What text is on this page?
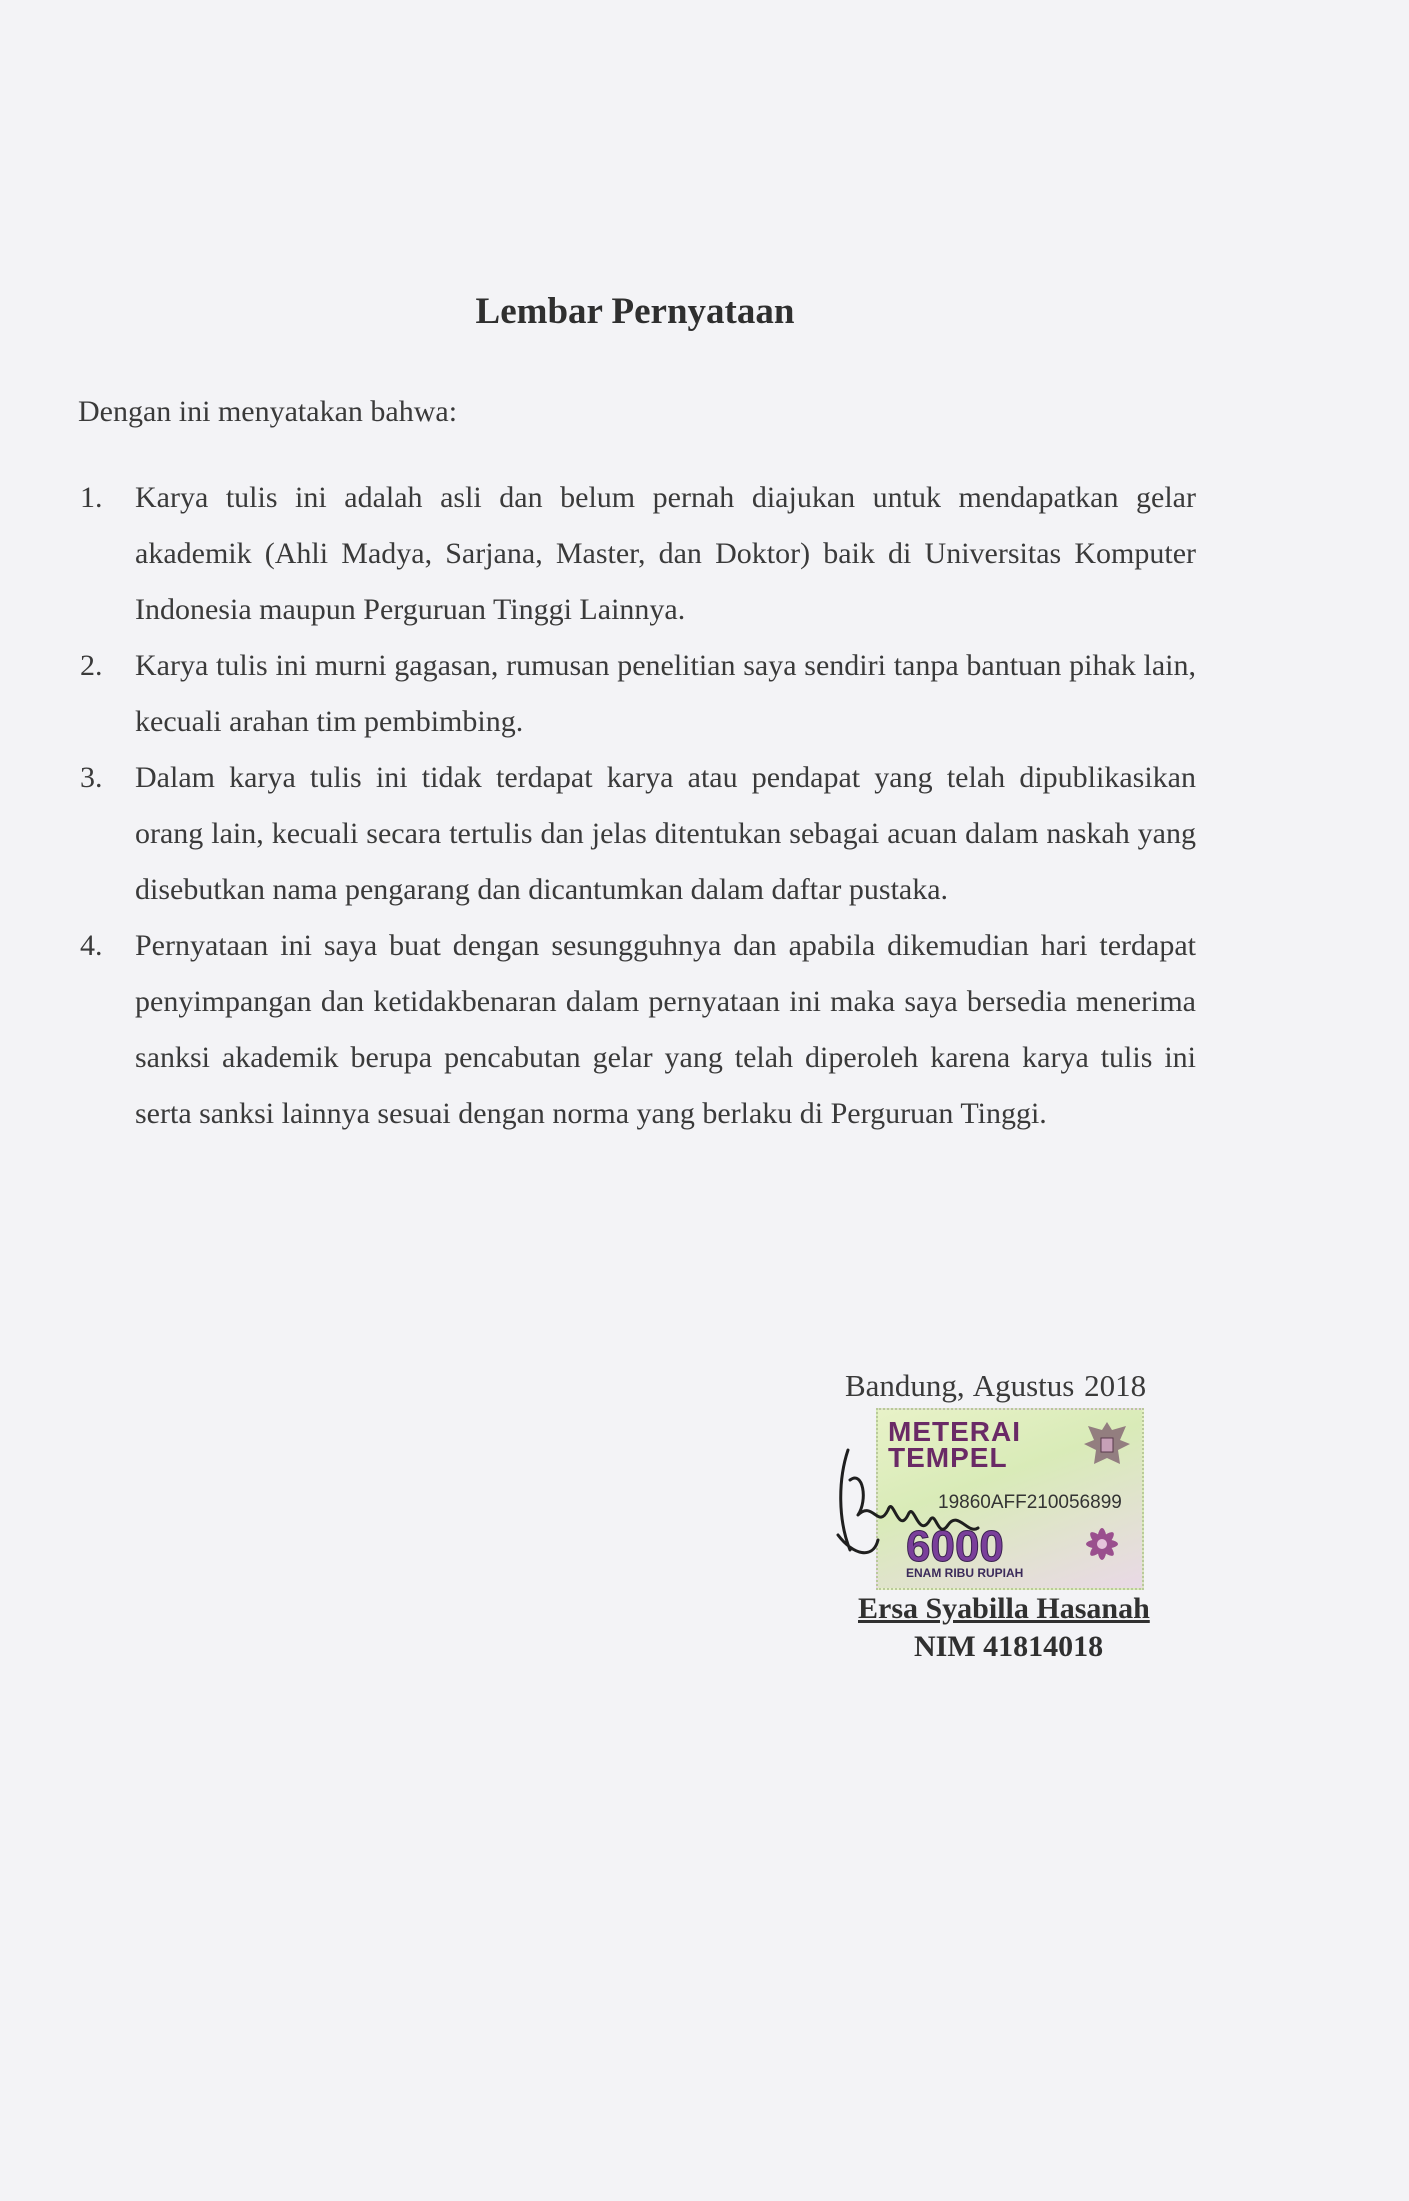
Lembar Pernyataan
Dengan ini menyatakan bahwa:
1.	Karya tulis ini adalah asli dan belum pernah diajukan untuk mendapatkan gelar akademik (Ahli Madya, Sarjana, Master, dan Doktor) baik di Universitas Komputer Indonesia maupun Perguruan Tinggi Lainnya.
2.	Karya tulis ini murni gagasan, rumusan penelitian saya sendiri tanpa bantuan pihak lain, kecuali arahan tim pembimbing.
3.	Dalam karya tulis ini tidak terdapat karya atau pendapat yang telah dipublikasikan orang lain, kecuali secara tertulis dan jelas ditentukan sebagai acuan dalam naskah yang disebutkan nama pengarang dan dicantumkan dalam daftar pustaka.
4.	Pernyataan ini saya buat dengan sesungguhnya dan apabila dikemudian hari terdapat penyimpangan dan ketidakbenaran dalam pernyataan ini maka saya bersedia menerima sanksi akademik berupa pencabutan gelar yang telah diperoleh karena karya tulis ini serta sanksi lainnya sesuai dengan norma yang berlaku di Perguruan Tinggi.
Bandung, Agustus 2018
METERAI
TEMPEL
19860AFF210056899
6000
ENAM RIBU RUPIAH
Ersa Syabilla Hasanah
NIM 41814018
